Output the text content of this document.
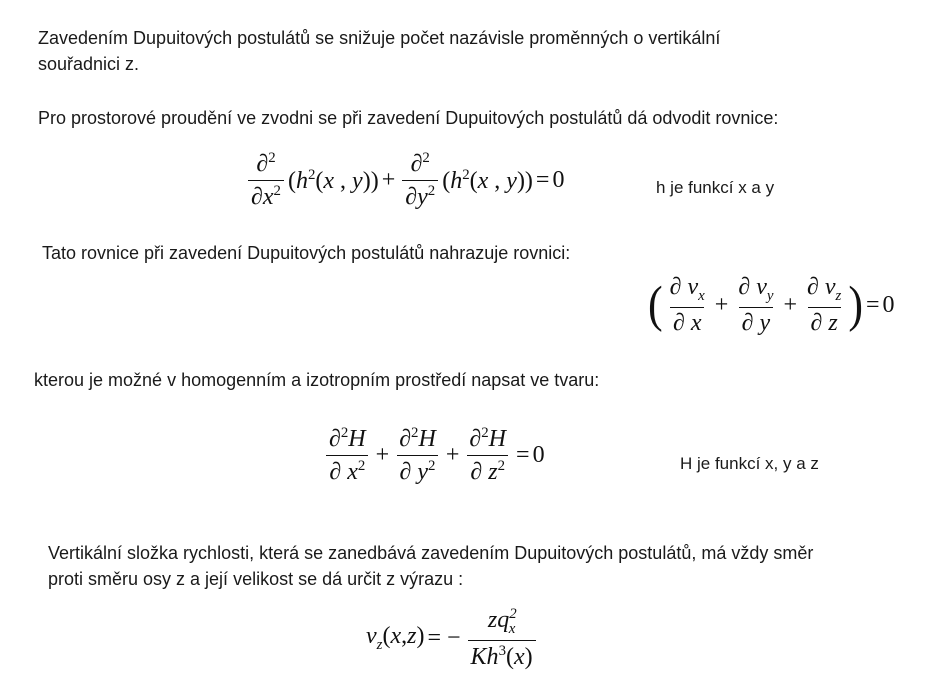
Zavedením Dupuitových postulátů se snižuje počet nazávisle proměnných o vertikální
souřadnici z.
Pro prostorové proudění ve zvodni se při zavedení Dupuitových postulátů dá odvodit rovnice:
$\frac{\partial^2}{\partial x^2} (h^2(x$ , $y)) + \frac{\partial^2}{\partial y^2} (h^2(x$ , y)) = 0	h je funkcí x a y
Tato rovnice při zavedení Dupuitových postulátů nahrazuje rovnici:
( $\frac{\partial v_x}{\partial x} + \frac{\partial v_y}{\partial y} + \frac{\partial v_z}{\partial z}$ ) = 0
kterou je možné v homogenním a izotropním prostředí napsat ve tvaru:
$\frac{\partial^2H}{\partial x^2} + \frac{\partial^2H}{\partial y^2} + \frac{\partial^2H}{\partial z^2} = 0$	H je funkcí x, y a z
Vertikální složka rychlosti, která se zanedbává zavedením Dupuitových postulátů, má vždy směr
proti směru osy z a její velikost se dá určit z výrazu :
$v_z(x,z)$ = − $\frac{zq^2_x}{Kh^3(x)}$
